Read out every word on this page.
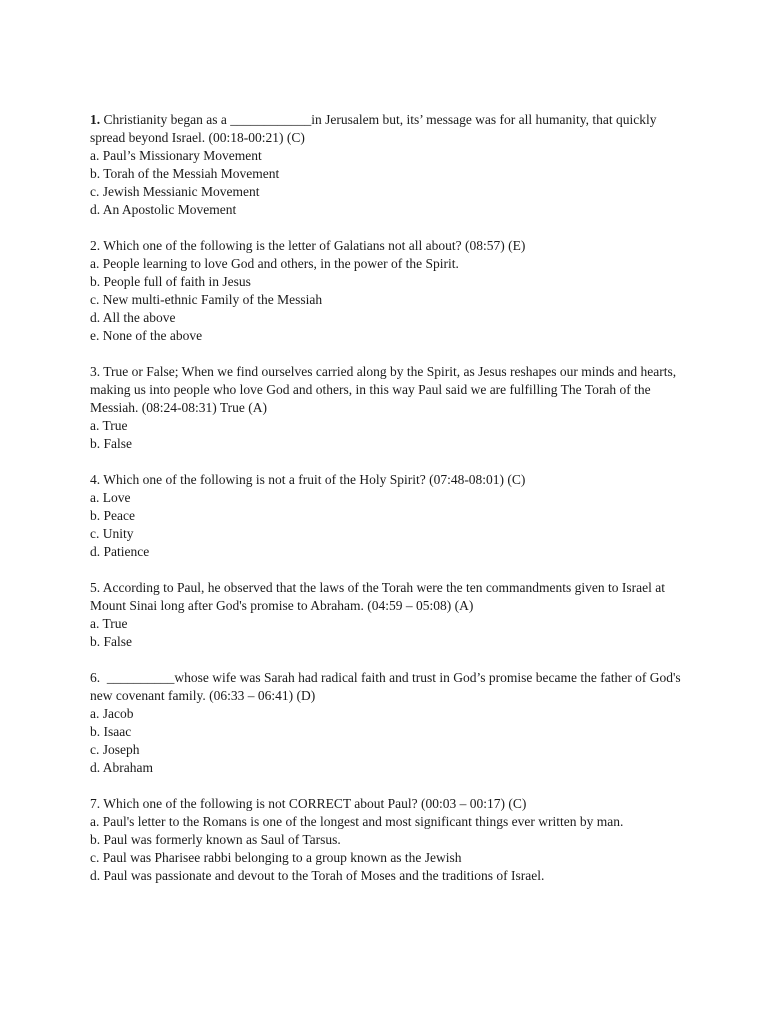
1. Christianity began as a ____________in Jerusalem but, its’ message was for all humanity, that quickly spread beyond Israel. (00:18-00:21) (C)

a. Paul’s Missionary Movement

b. Torah of the Messiah Movement

c. Jewish Messianic Movement

d. An Apostolic Movement

2. Which one of the following is the letter of Galatians not all about? (08:57) (E)

a. People learning to love God and others, in the power of the Spirit.

b. People full of faith in Jesus

c. New multi-ethnic Family of the Messiah

d. All the above

e. None of the above

3. True or False; When we find ourselves carried along by the Spirit, as Jesus reshapes our minds and hearts, making us into people who love God and others, in this way Paul said we are fulfilling The Torah of the Messiah. (08:24-08:31) True (A)

a. True

b. False

4. Which one of the following is not a fruit of the Holy Spirit? (07:48-08:01) (C)

a. Love

b. Peace

c. Unity

d. Patience

5. According to Paul, he observed that the laws of the Torah were the ten commandments given to Israel at Mount Sinai long after God's promise to Abraham. (04:59 – 05:08) (A)

a. True

b. False

6.  __________whose wife was Sarah had radical faith and trust in God’s promise became the father of God's new covenant family. (06:33 – 06:41) (D)

a. Jacob

b. Isaac

c. Joseph

d. Abraham

7. Which one of the following is not CORRECT about Paul? (00:03 – 00:17) (C)

a. Paul's letter to the Romans is one of the longest and most significant things ever written by man.

b. Paul was formerly known as Saul of Tarsus.

c. Paul was Pharisee rabbi belonging to a group known as the Jewish

d. Paul was passionate and devout to the Torah of Moses and the traditions of Israel.
